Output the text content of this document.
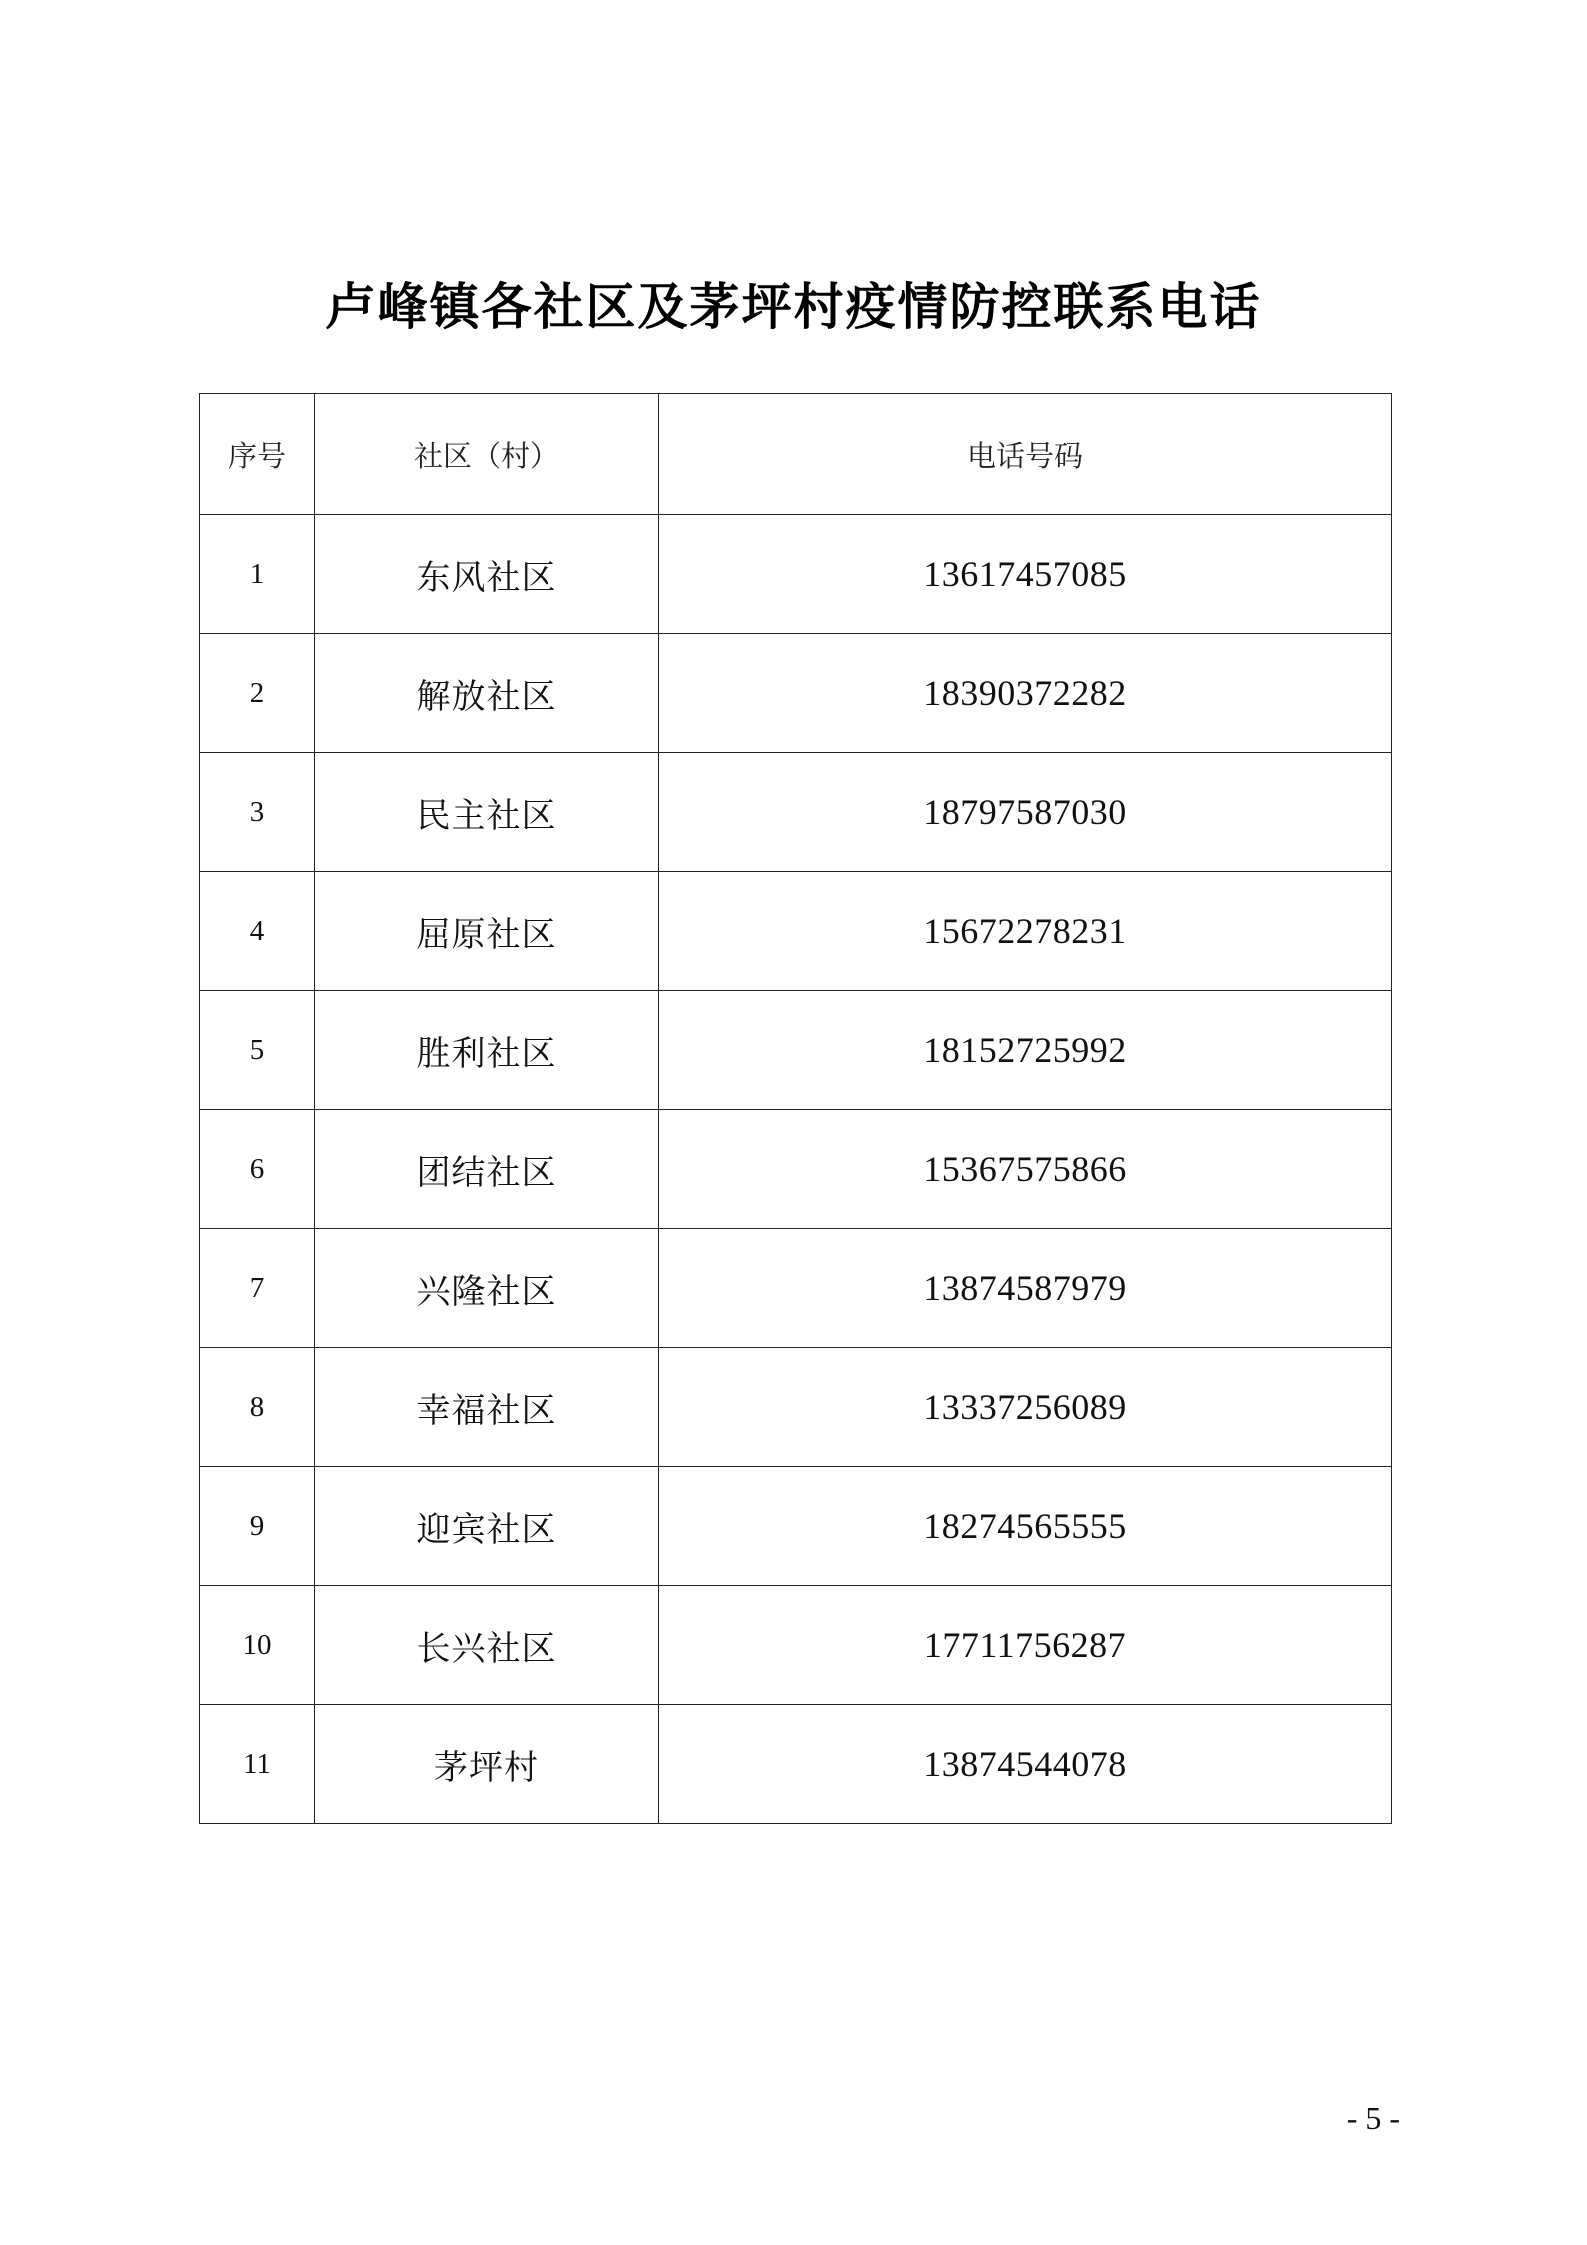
卢峰镇各社区及茅坪村疫情防控联系电话
序号	社区（村）	电话号码
1	东风社区	13617457085
2	解放社区	18390372282
3	民主社区	18797587030
4	屈原社区	15672278231
5	胜利社区	18152725992
6	团结社区	15367575866
7	兴隆社区	13874587979
8	幸福社区	13337256089
9	迎宾社区	18274565555
10	长兴社区	17711756287
11	茅坪村	13874544078
- 5 -
